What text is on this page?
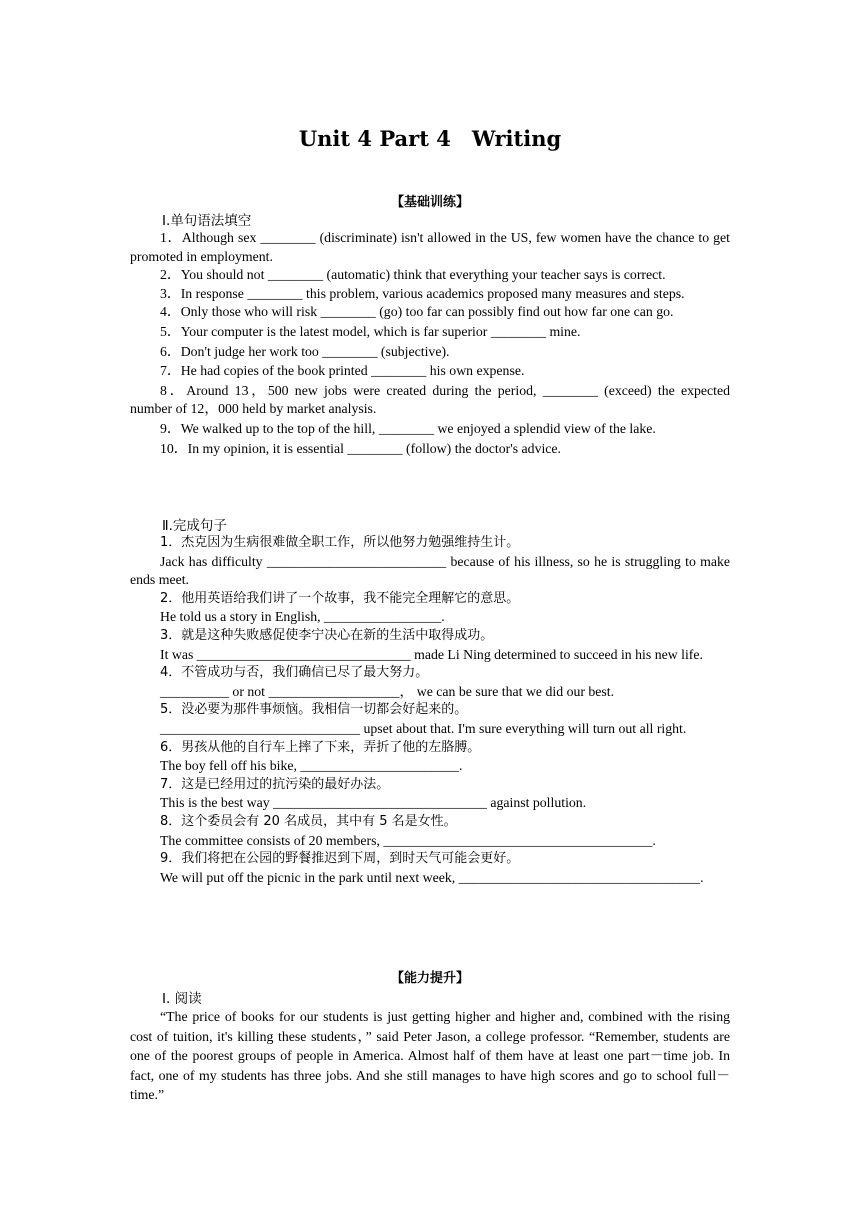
Unit 4 Part 4　Writing
【基础训练】
Ⅰ.单句语法填空

1．Although sex ________ (discriminate) isn't allowed in the US, few women have the chance to get promoted in employment.

2．You should not ________ (automatic) think that everything your teacher says is correct.

3．In response ________ this problem, various academics proposed many measures and steps.

4．Only those who will risk ________ (go) too far can possibly find out how far one can go.

5．Your computer is the latest model, which is far superior ________ mine.

6．Don't judge her work too ________ (subjective).

7．He had copies of the book printed ________ his own expense.

8．Around 13，500 new jobs were created during the period, ________ (exceed) the expected number of 12，000 held by market analysis.

9．We walked up to the top of the hill, ________ we enjoyed a splendid view of the lake.

10．In my opinion, it is essential ________ (follow) the doctor's advice.

Ⅱ.完成句子

1．杰克因为生病很难做全职工作，所以他努力勉强维持生计。

Jack has difficulty __________________________ because of his illness, so he is struggling to make ends meet.

2．他用英语给我们讲了一个故事，我不能完全理解它的意思。

He told us a story in English, _________________.

3．就是这种失败感促使李宁决心在新的生活中取得成功。

It was _______________________________ made Li Ning determined to succeed in his new life.

4．不管成功与否，我们确信已尽了最大努力。

__________ or not ___________________， we can be sure that we did our best.

5．没必要为那件事烦恼。我相信一切都会好起来的。

_____________________________ upset about that. I'm sure everything will turn out all right.

6．男孩从他的自行车上摔了下来，弄折了他的左胳膊。

The boy fell off his bike, _______________________.

7．这是已经用过的抗污染的最好办法。

This is the best way _______________________________ against pollution.

8．这个委员会有 20 名成员，其中有 5 名是女性。

The committee consists of 20 members, _______________________________________.

9．我们将把在公园的野餐推迟到下周，到时天气可能会更好。

We will put off the picnic in the park until next week, ___________________________________.

【能力提升】
Ⅰ. 阅读

“The price of books for our students is just getting higher and higher and, combined with the rising cost of tuition, it's killing these students，” said Peter Jason, a college professor. “Remember, students are one of the poorest groups of people in America. Almost half of them have at least one part－time job. In fact, one of my students has three jobs. And she still manages to have high scores and go to school full－time.”
